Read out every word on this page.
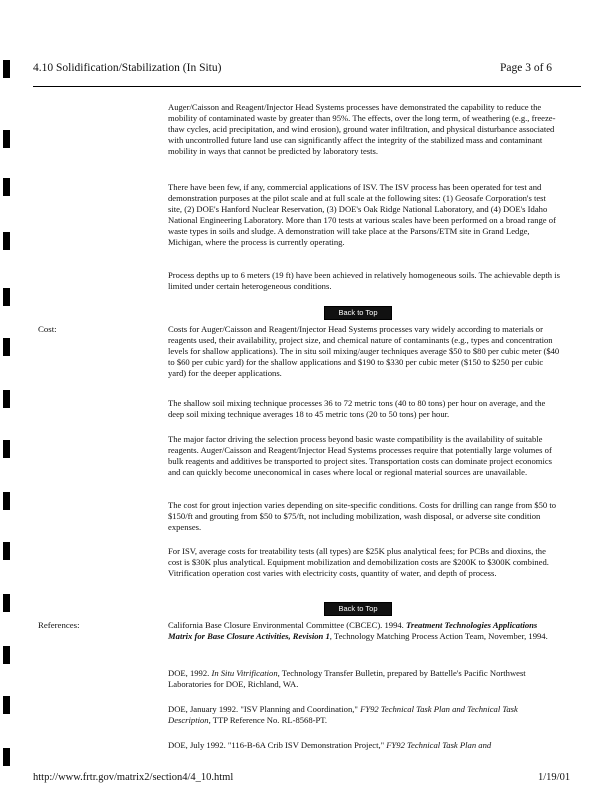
4.10 Solidification/Stabilization (In Situ)	Page 3 of 6

Auger/Caisson and Reagent/Injector Head Systems processes have demonstrated the capability to reduce the mobility of contaminated waste by greater than 95%. The effects, over the long term, of weathering (e.g., freeze-thaw cycles, acid precipitation, and wind erosion), ground water infiltration, and physical disturbance associated with uncontrolled future land use can significantly affect the integrity of the stabilized mass and contaminant mobility in ways that cannot be predicted by laboratory tests.

There have been few, if any, commercial applications of ISV. The ISV process has been operated for test and demonstration purposes at the pilot scale and at full scale at the following sites: (1) Geosafe Corporation's test site, (2) DOE's Hanford Nuclear Reservation, (3) DOE's Oak Ridge National Laboratory, and (4) DOE's Idaho National Engineering Laboratory. More than 170 tests at various scales have been performed on a broad range of waste types in soils and sludge. A demonstration will take place at the Parsons/ETM site in Grand Ledge, Michigan, where the process is currently operating.

Process depths up to 6 meters (19 ft) have been achieved in relatively homogeneous soils. The achievable depth is limited under certain heterogeneous conditions.

Back to Top
Cost:	Costs for Auger/Caisson and Reagent/Injector Head Systems processes vary widely according to materials or reagents used, their availability, project size, and chemical nature of contaminants (e.g., types and concentration levels for shallow applications). The in situ soil mixing/auger techniques average $50 to $80 per cubic meter ($40 to $60 per cubic yard) for the shallow applications and $190 to $330 per cubic meter ($150 to $250 per cubic yard) for the deeper applications.

The shallow soil mixing technique processes 36 to 72 metric tons (40 to 80 tons) per hour on average, and the deep soil mixing technique averages 18 to 45 metric tons (20 to 50 tons) per hour.

The major factor driving the selection process beyond basic waste compatibility is the availability of suitable reagents. Auger/Caisson and Reagent/Injector Head Systems processes require that potentially large volumes of bulk reagents and additives be transported to project sites. Transportation costs can dominate project economics and can quickly become uneconomical in cases where local or regional material sources are unavailable.

The cost for grout injection varies depending on site-specific conditions. Costs for drilling can range from $50 to $150/ft and grouting from $50 to $75/ft, not including mobilization, wash disposal, or adverse site condition expenses.

For ISV, average costs for treatability tests (all types) are $25K plus analytical fees; for PCBs and dioxins, the cost is $30K plus analytical. Equipment mobilization and demobilization costs are $200K to $300K combined. Vitrification operation cost varies with electricity costs, quantity of water, and depth of process.

Back to Top
References:	California Base Closure Environmental Committee (CBCEC). 1994. Treatment Technologies Applications Matrix for Base Closure Activities, Revision 1, Technology Matching Process Action Team, November, 1994.

DOE, 1992. In Situ Vitrification, Technology Transfer Bulletin, prepared by Battelle's Pacific Northwest Laboratories for DOE, Richland, WA.

DOE, January 1992. "ISV Planning and Coordination," FY92 Technical Task Plan and Technical Task Description, TTP Reference No. RL-8568-PT.

DOE, July 1992. "116-B-6A Crib ISV Demonstration Project," FY92 Technical Task Plan and

http://www.frtr.gov/matrix2/section4/4_10.html	1/19/01
